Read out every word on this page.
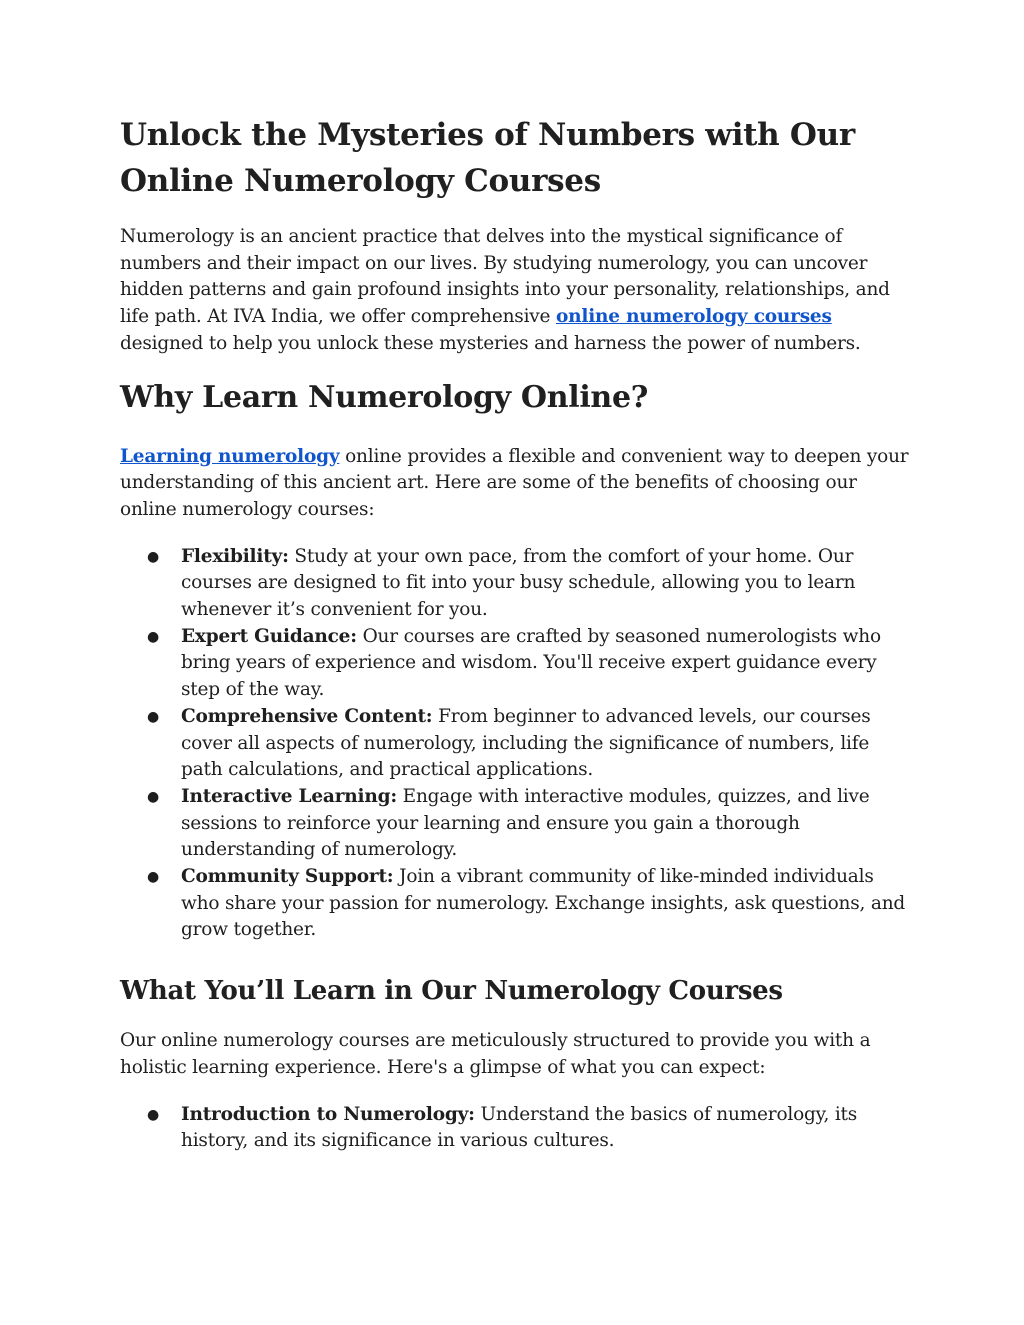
Unlock the Mysteries of Numbers with Our Online Numerology Courses

Numerology is an ancient practice that delves into the mystical significance of numbers and their impact on our lives. By studying numerology, you can uncover hidden patterns and gain profound insights into your personality, relationships, and life path. At IVA India, we offer comprehensive online numerology courses designed to help you unlock these mysteries and harness the power of numbers.

Why Learn Numerology Online?

Learning numerology online provides a flexible and convenient way to deepen your understanding of this ancient art. Here are some of the benefits of choosing our online numerology courses:

● Flexibility: Study at your own pace, from the comfort of your home. Our courses are designed to fit into your busy schedule, allowing you to learn whenever it’s convenient for you.
● Expert Guidance: Our courses are crafted by seasoned numerologists who bring years of experience and wisdom. You'll receive expert guidance every step of the way.
● Comprehensive Content: From beginner to advanced levels, our courses cover all aspects of numerology, including the significance of numbers, life path calculations, and practical applications.
● Interactive Learning: Engage with interactive modules, quizzes, and live sessions to reinforce your learning and ensure you gain a thorough understanding of numerology.
● Community Support: Join a vibrant community of like-minded individuals who share your passion for numerology. Exchange insights, ask questions, and grow together.
What You’ll Learn in Our Numerology Courses

Our online numerology courses are meticulously structured to provide you with a holistic learning experience. Here's a glimpse of what you can expect:

● Introduction to Numerology: Understand the basics of numerology, its history, and its significance in various cultures.
